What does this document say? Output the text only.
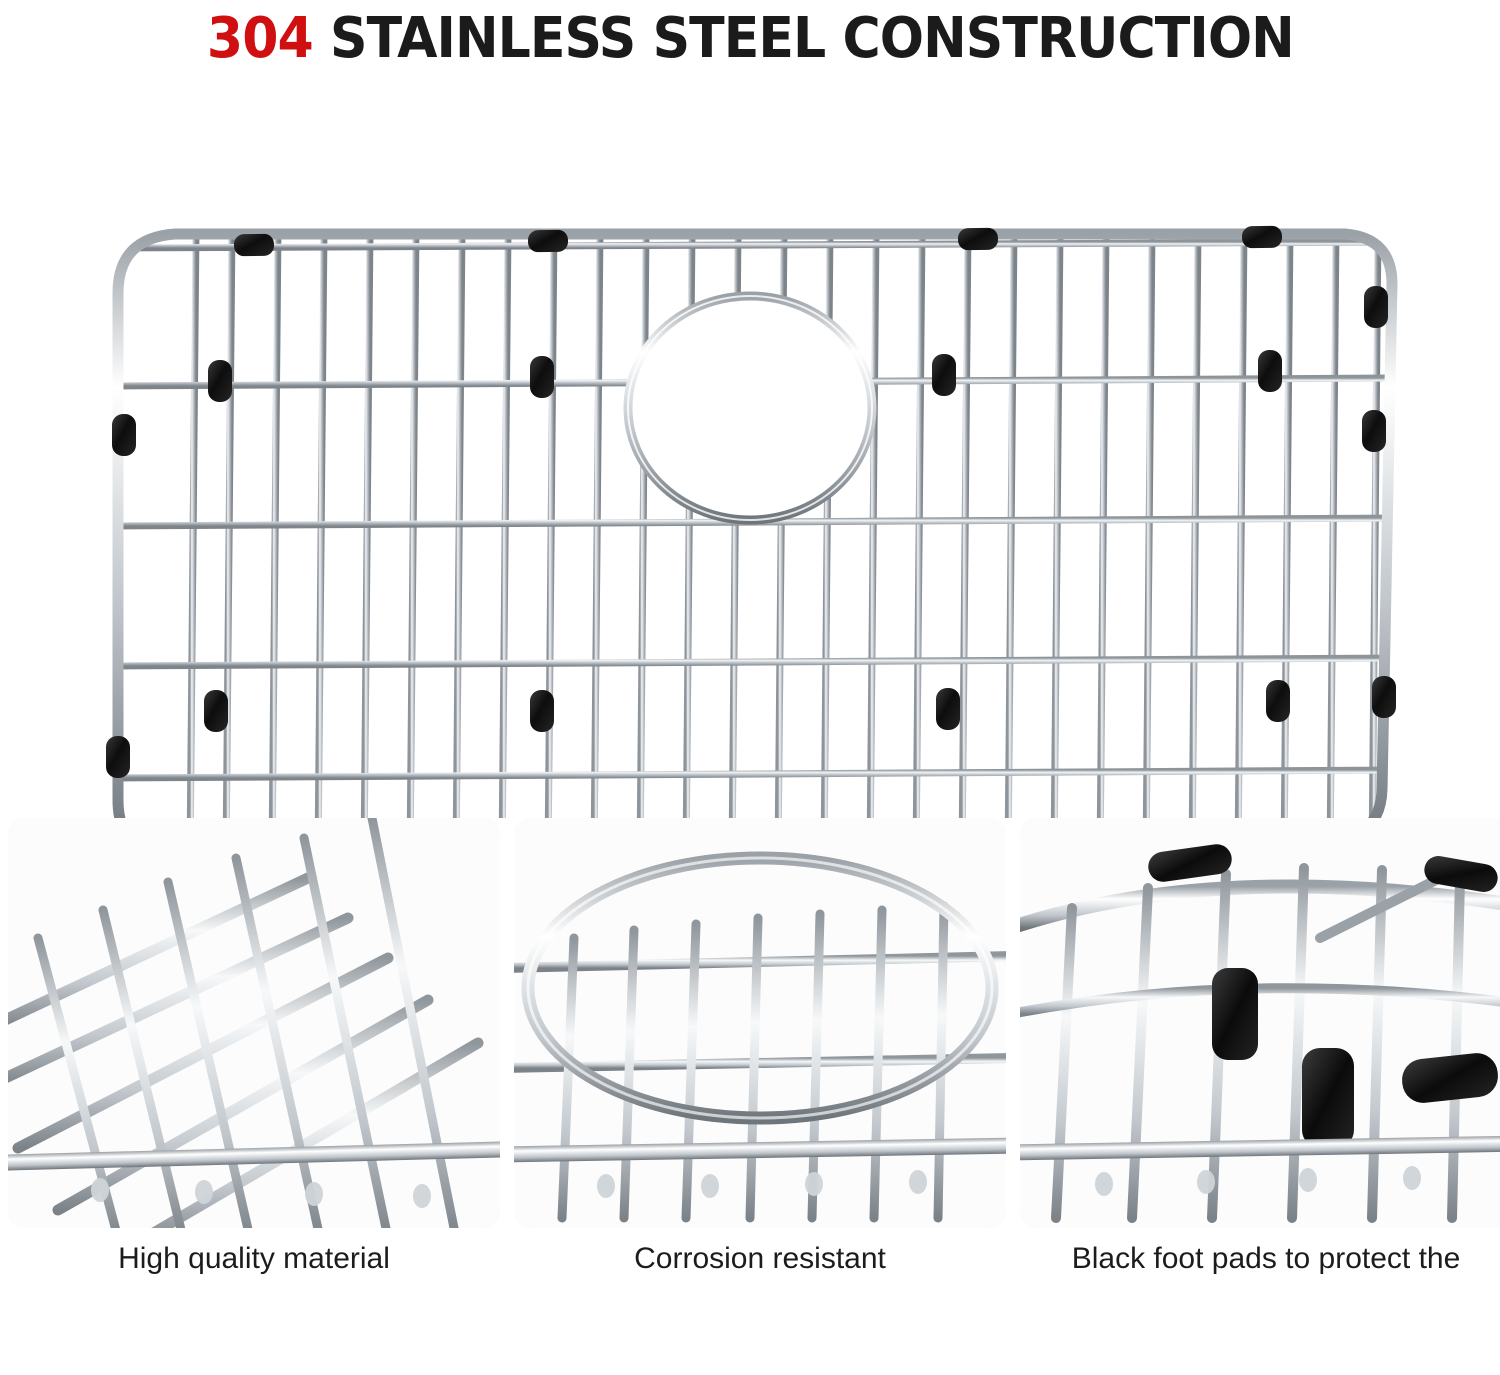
304 STAINLESS STEEL CONSTRUCTION
High quality material	Corrosion resistant	Black foot pads to protect the
